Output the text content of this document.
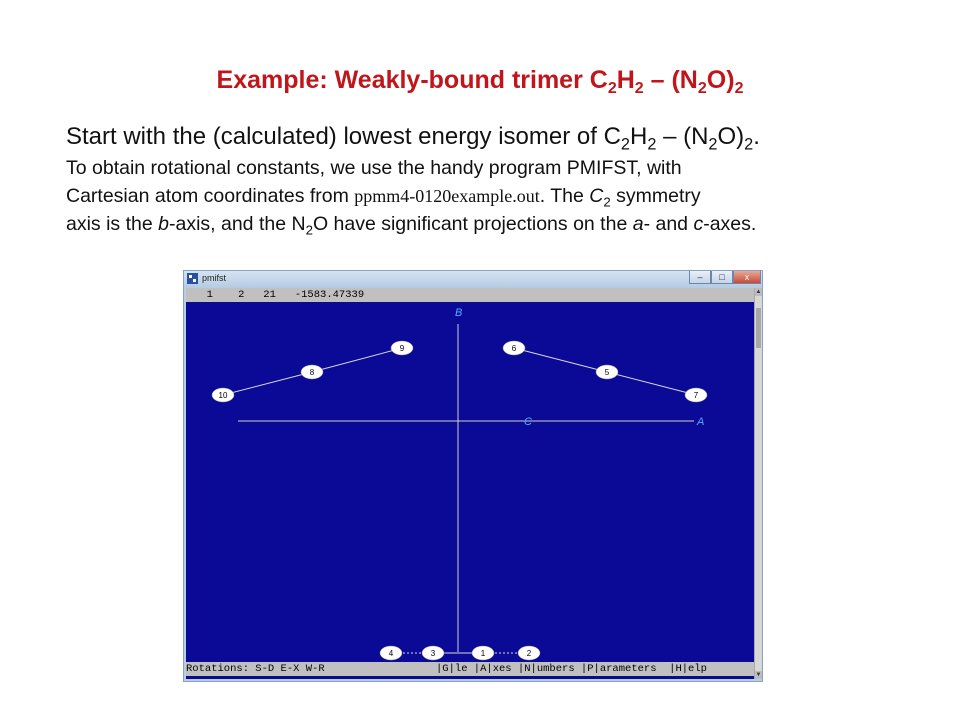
Example: Weakly-bound trimer $C_2H_2 - (N_2O)_2$
Start with the (calculated) lowest energy isomer of $C_2H_2 - (N_2O)_2$.
To obtain rotational constants, we use the handy program PMIFST, with
Cartesian atom coordinates from ppmm4-0120example.out. The $C_2$ symmetry
axis is the b-axis, and the $N_2O$ have significant projections on the a- and c-axes.
pmifst	–	□	x
1    2   21   -1583.47339
B
C	A
10
8
9	6
5
7
4	3	1	2
Rotations: S-D E-X W-R	|G|le |A|xes |N|umbers |P|arameters  |H|elp
▲
▼
